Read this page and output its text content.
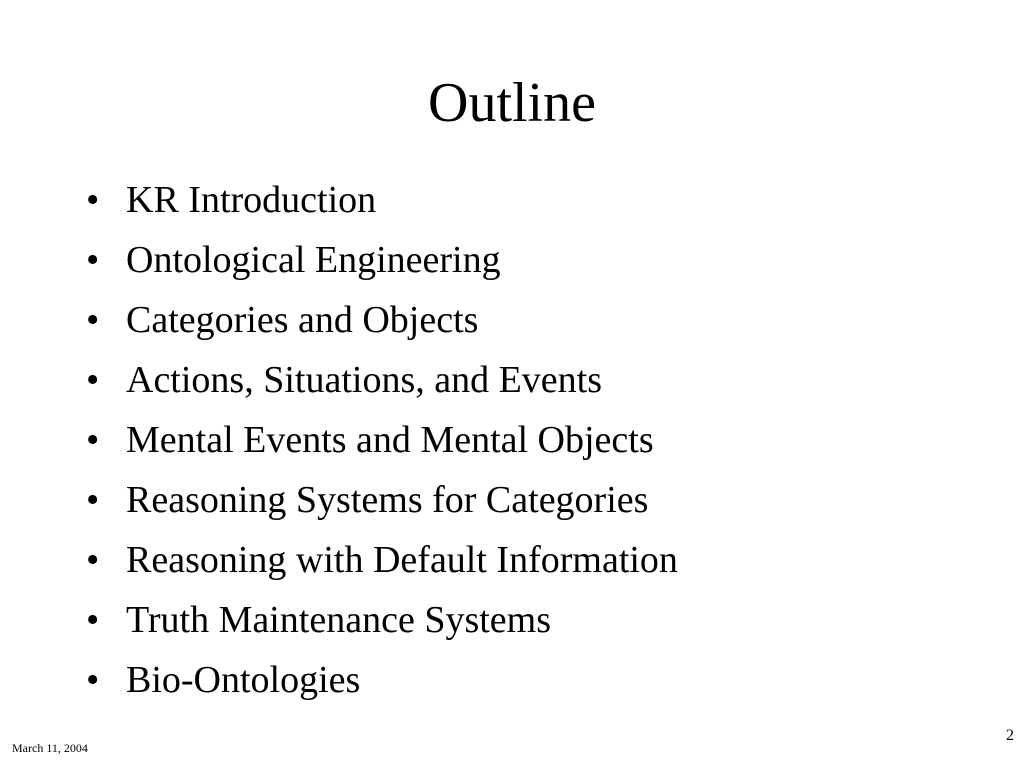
Outline
• KR Introduction
• Ontological Engineering
• Categories and Objects
• Actions, Situations, and Events
• Mental Events and Mental Objects
• Reasoning Systems for Categories
• Reasoning with Default Information
• Truth Maintenance Systems
• Bio-Ontologies
March 11, 2004
2
